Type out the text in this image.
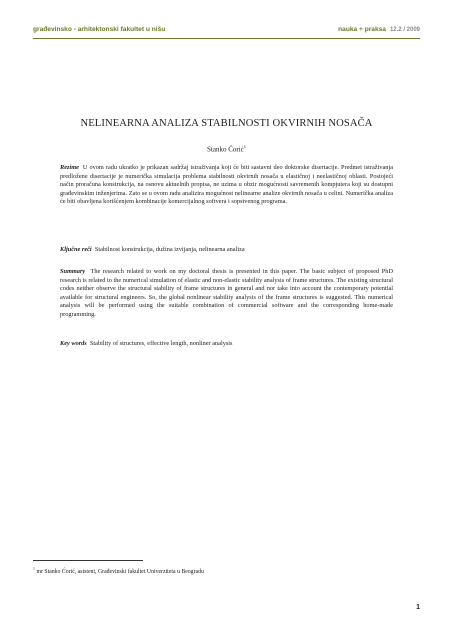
građevinsko - arhitektonski fakultet u nišu	nauka + praksa 12.2 / 2009
NELINEARNA ANALIZA STABILNOSTI OKVIRNIH NOSAČA
Stanko Ćorić$^1$

Rezime U ovom radu ukratko je prikazan sadržaj istraživanja koji će biti sastavni deo doktorske disertacije. Predmet istraživanja predložene disertacije je numerička simulacija problema stabilnosti okvirnih nosača u elastičnoj i neelastičnoj oblasti. Postojeći način proračuna konstrukcija, na osnovu aktuelnih propisa, ne uzima u obzir mogućnosti savremenih kompjutera koji su dostupni građevinskim inženjerima. Zato se u ovom radu analizira mogućnost nelinearne analize okvirnih nosača u celini. Numerička analiza će biti obavljena korišćenjem kombinacije komercijalnog softvera i sopstvenog programa.

Ključne reči Stabilnost konstrukcija, dužina izvijanja, nelinearna analiza

Summary The research related to work on my doctoral thesis is presented in this paper. The basic subject of proposed PhD research is related to the numerical simulation of elastic and non-elastic stability analysis of frame structures. The existing structural codes neither observe the structural stability of frame structures in general and nor take into account the contemporary potential available for structural engineers. So, the global nonlinear stability analysis of the frame structures is suggested. This numerical analysis will be performed using the suitable combination of commercial software and the corresponding home-made programming.

Key words Stability of structures, effective length, nonliner analysis

$^1$ mr Stanko Ćorić, asistent, Građevinski fakultet Univerziteta u Beogradu
1
